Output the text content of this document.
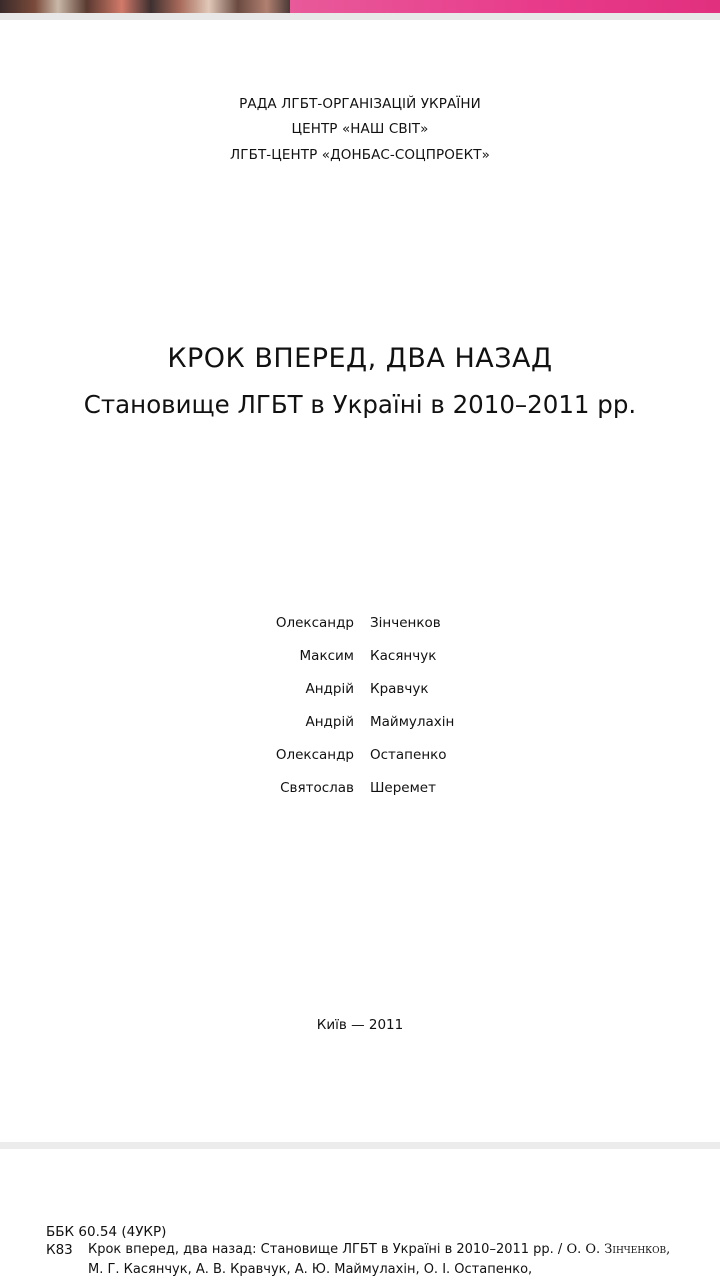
РАДА ЛГБТ-ОРГАНІЗАЦІЙ УКРАЇНИ
ЦЕНТР «НАШ СВІТ»
ЛГБТ-ЦЕНТР «ДОНБАС-СОЦПРОЕКТ»
КРОК ВПЕРЕД, ДВА НАЗАД
Становище ЛГБТ в Україні в 2010–2011 рр.
Олександр Зінченков
Максим Касянчук
Андрій Кравчук
Андрій Маймулахін
Олександр Остапенко
Святослав Шеремет
Київ — 2011
ББК 60.54 (4УКР)
К83 Крок вперед, два назад: Становище ЛГБТ в Україні в 2010–2011 рр. / О. О. Зінченков,
М. Г. Касянчук, А. В. Кравчук, А. Ю. Маймулахін, О. І. Остапенко,
